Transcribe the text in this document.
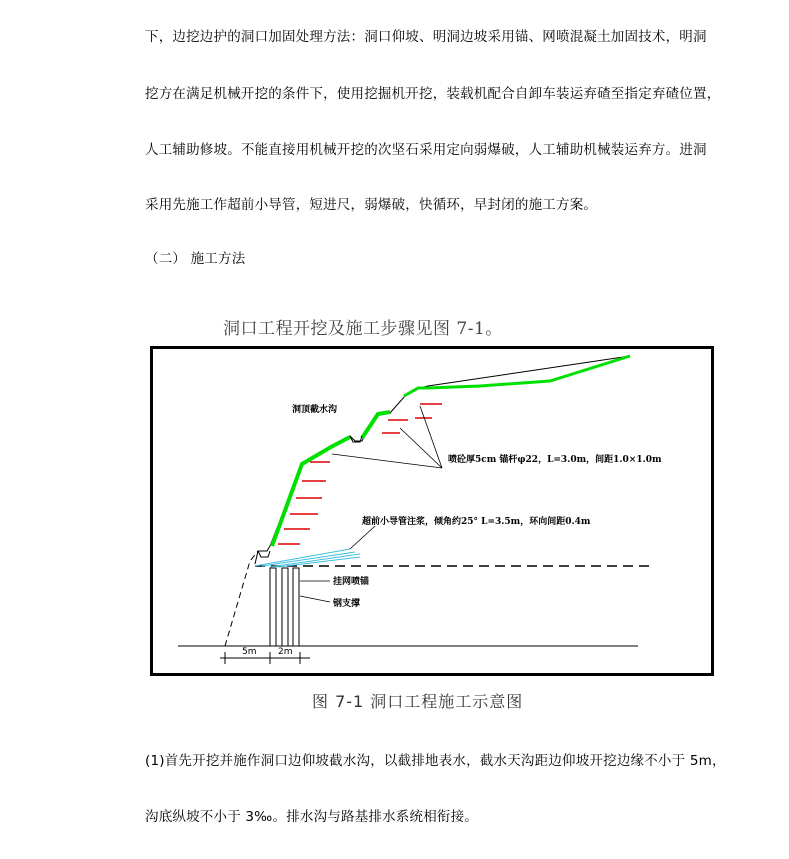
下，边挖边护的洞口加固处理方法：洞口仰坡、明洞边坡采用锚、网喷混凝土加固技术，明洞
挖方在满足机械开挖的条件下，使用挖掘机开挖，装载机配合自卸车装运弃碴至指定弃碴位置，
人工辅助修坡。不能直接用机械开挖的次坚石采用定向弱爆破，人工辅助机械装运弃方。进洞
采用先施工作超前小导管，短进尺，弱爆破，快循环，早封闭的施工方案。
（二） 施工方法
洞口工程开挖及施工步骤见图 7-1。
洞顶截水沟
喷砼厚5cm 锚杆φ22，L=3.0m，间距1.0×1.0m
超前小导管注浆，倾角约25° L=3.5m，环向间距0.4m
挂网喷锚
钢支撑
5m 2m
图 7-1 洞口工程施工示意图
(1)首先开挖并施作洞口边仰坡截水沟，以截排地表水，截水天沟距边仰坡开挖边缘不小于 5m，
沟底纵坡不小于 3‰。排水沟与路基排水系统相衔接。
